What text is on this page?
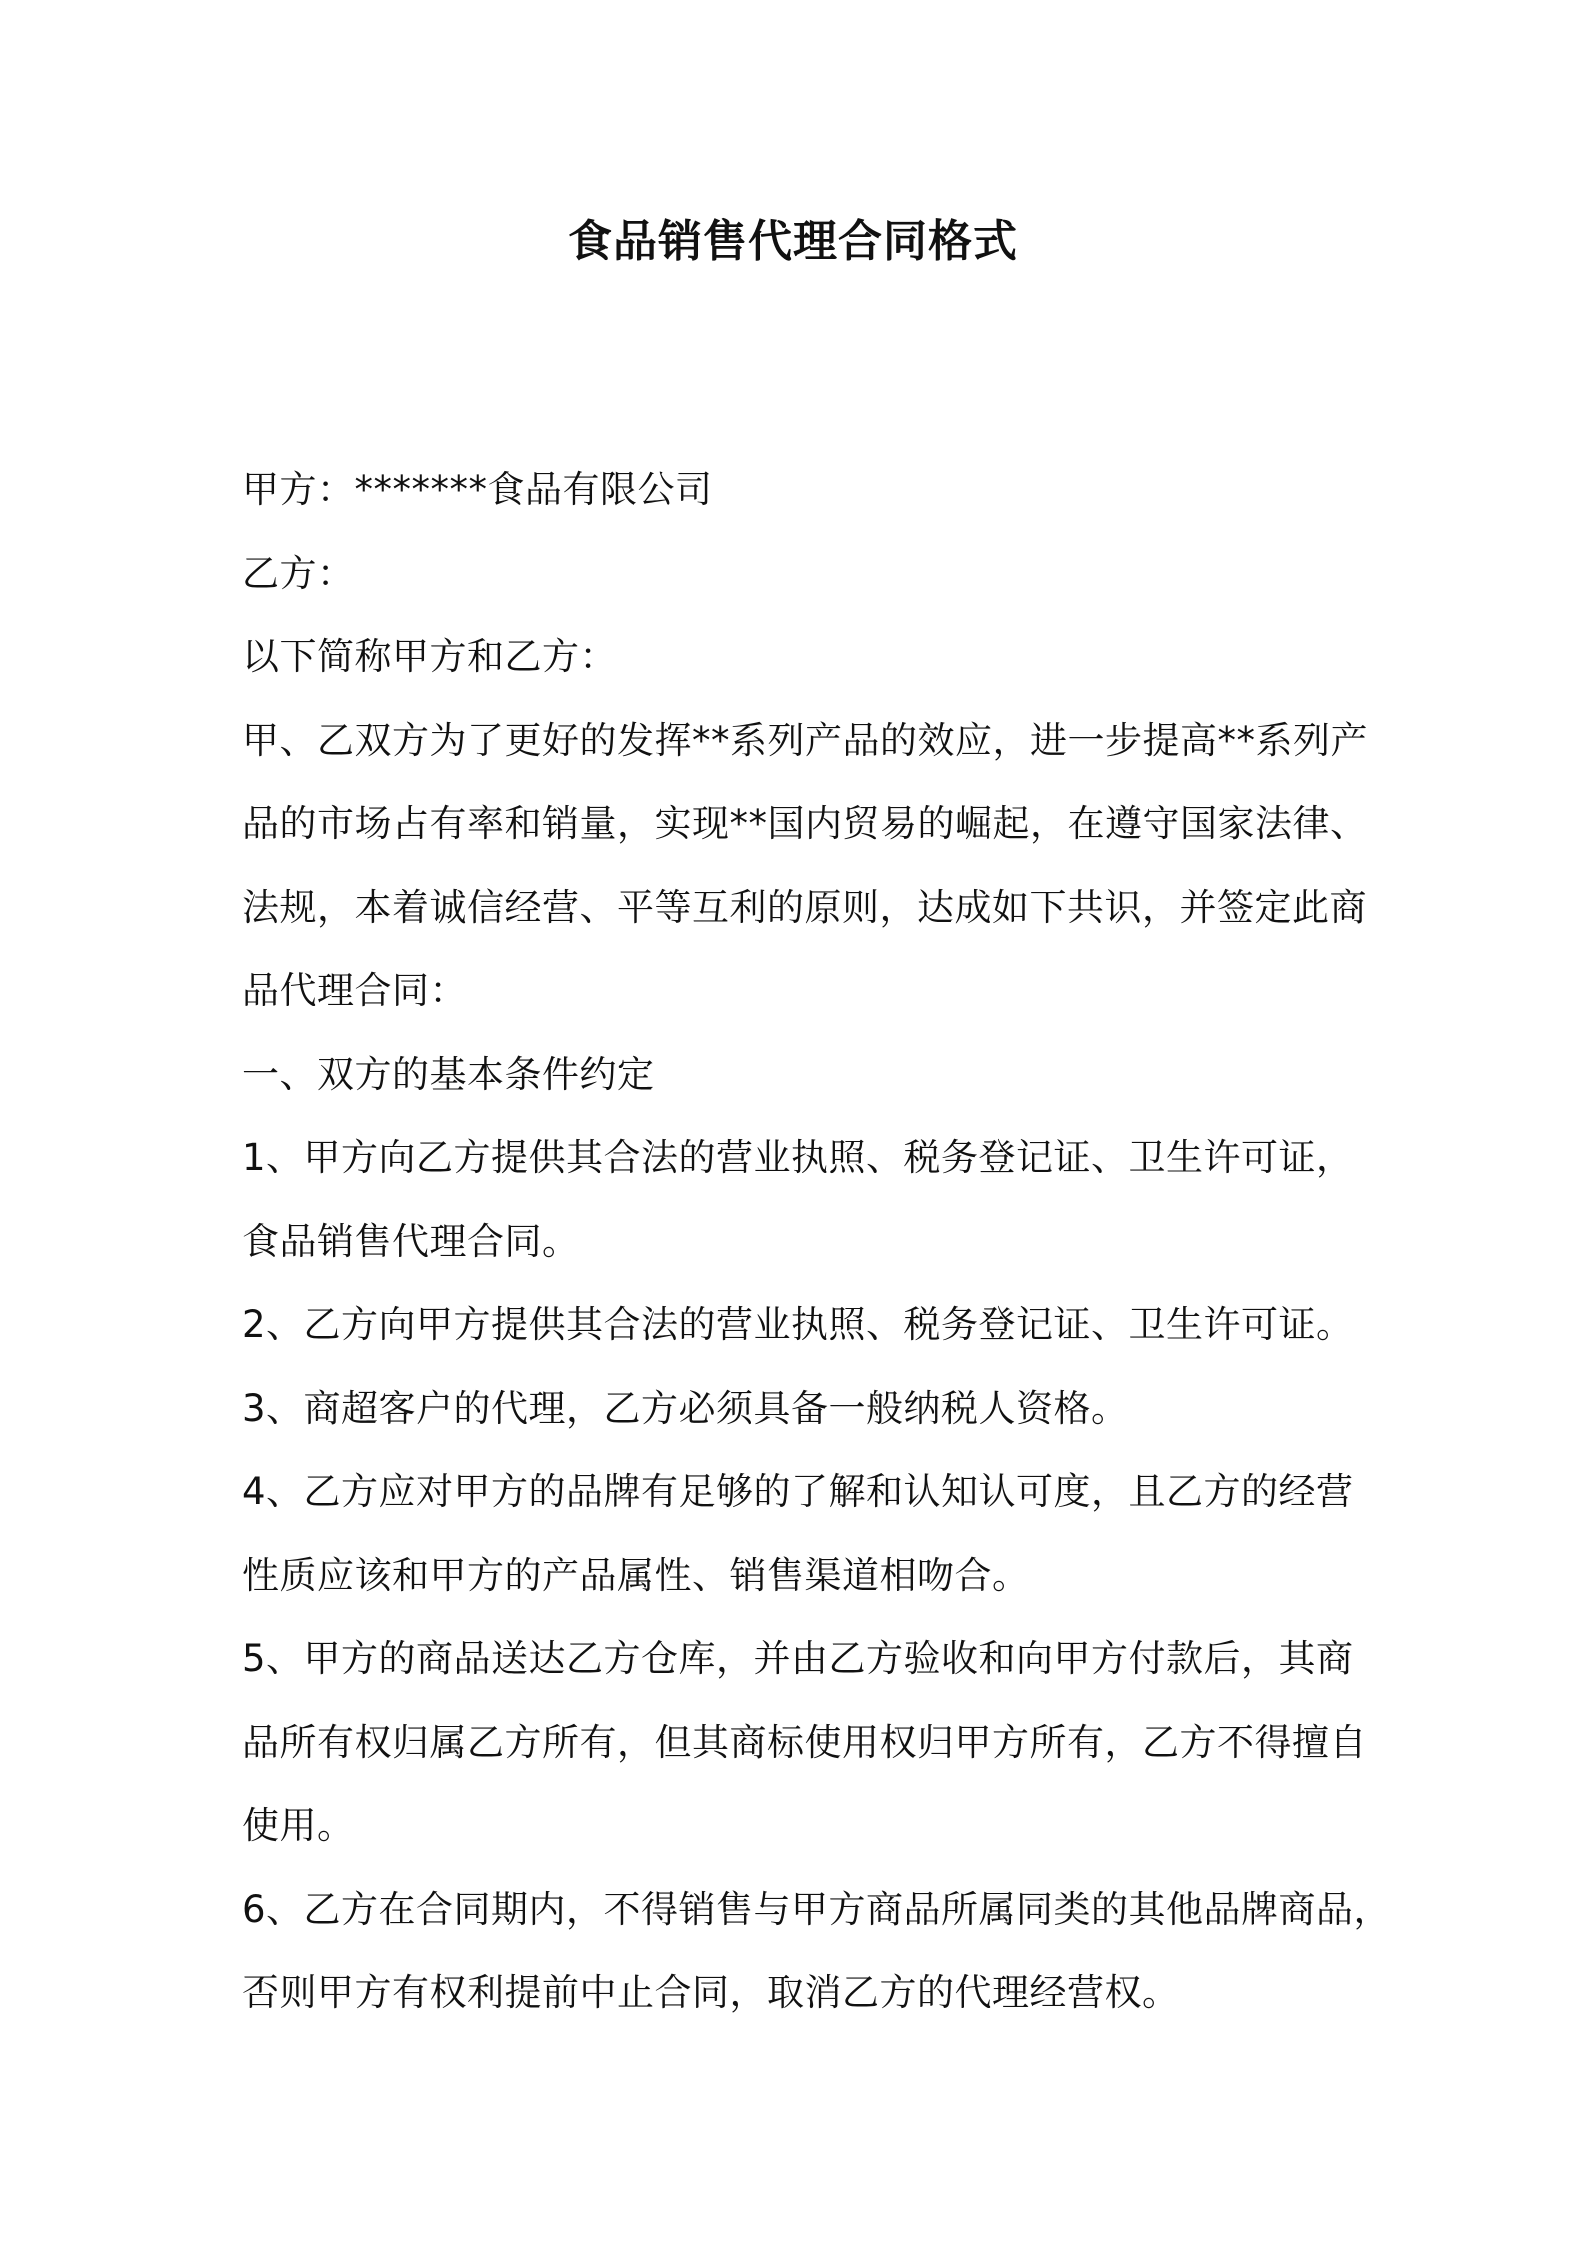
食品销售代理合同格式
甲方：*******食品有限公司
乙方：
以下简称甲方和乙方：
甲、乙双方为了更好的发挥**系列产品的效应，进一步提高**系列产
品的市场占有率和销量，实现**国内贸易的崛起，在遵守国家法律、
法规，本着诚信经营、平等互利的原则，达成如下共识，并签定此商
品代理合同：
一、双方的基本条件约定
1、甲方向乙方提供其合法的营业执照、税务登记证、卫生许可证，
食品销售代理合同。
2、乙方向甲方提供其合法的营业执照、税务登记证、卫生许可证。
3、商超客户的代理，乙方必须具备一般纳税人资格。
4、乙方应对甲方的品牌有足够的了解和认知认可度，且乙方的经营
性质应该和甲方的产品属性、销售渠道相吻合。
5、甲方的商品送达乙方仓库，并由乙方验收和向甲方付款后，其商
品所有权归属乙方所有，但其商标使用权归甲方所有，乙方不得擅自
使用。
6、乙方在合同期内，不得销售与甲方商品所属同类的其他品牌商品，
否则甲方有权利提前中止合同，取消乙方的代理经营权。
